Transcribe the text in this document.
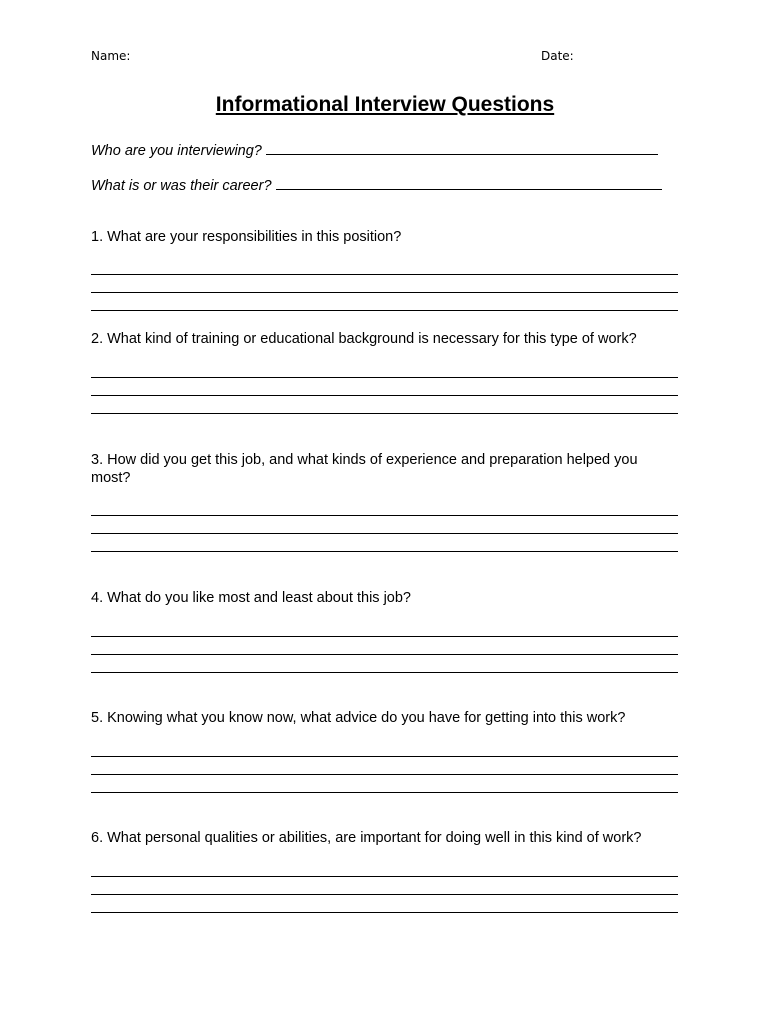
Name:	Date:
Informational Interview Questions
Who are you interviewing?
What is or was their career?
1. What are your responsibilities in this position?
2. What kind of training or educational background is necessary for this type of work?
3. How did you get this job, and what kinds of experience and preparation helped you most?
4. What do you like most and least about this job?
5. Knowing what you know now, what advice do you have for getting into this work?
6. What personal qualities or abilities, are important for doing well in this kind of work?
